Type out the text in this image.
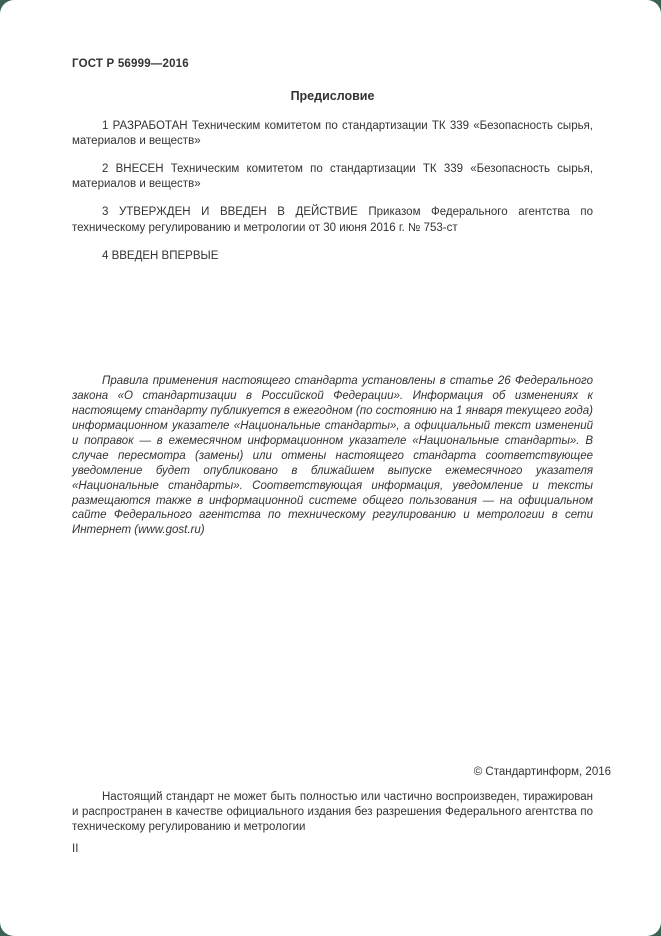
ГОСТ Р 56999—2016
Предисловие

1 РАЗРАБОТАН Техническим комитетом по стандартизации ТК 339 «Безопасность сырья, материалов и веществ»

2 ВНЕСЕН Техническим комитетом по стандартизации ТК 339 «Безопасность сырья, материалов и веществ»

3 УТВЕРЖДЕН И ВВЕДЕН В ДЕЙСТВИЕ Приказом Федерального агентства по техническому регулированию и метрологии от 30 июня 2016 г. № 753-ст

4 ВВЕДЕН ВПЕРВЫЕ

Правила применения настоящего стандарта установлены в статье 26 Федерального закона «О стандартизации в Российской Федерации». Информация об изменениях к настоящему стандарту публикуется в ежегодном (по состоянию на 1 января текущего года) информационном указателе «Национальные стандарты», а официальный текст изменений и поправок — в ежемесячном информационном указателе «Национальные стандарты». В случае пересмотра (замены) или отмены настоящего стандарта соответствующее уведомление будет опубликовано в ближайшем выпуске ежемесячного указателя «Национальные стандарты». Соответствующая информация, уведомление и тексты размещаются также в информационной системе общего пользования — на официальном сайте Федерального агентства по техническому регулированию и метрологии в сети Интернет (www.gost.ru)

© Стандартинформ, 2016

Настоящий стандарт не может быть полностью или частично воспроизведен, тиражирован и распространен в качестве официального издания без разрешения Федерального агентства по техническому регулированию и метрологии

II
